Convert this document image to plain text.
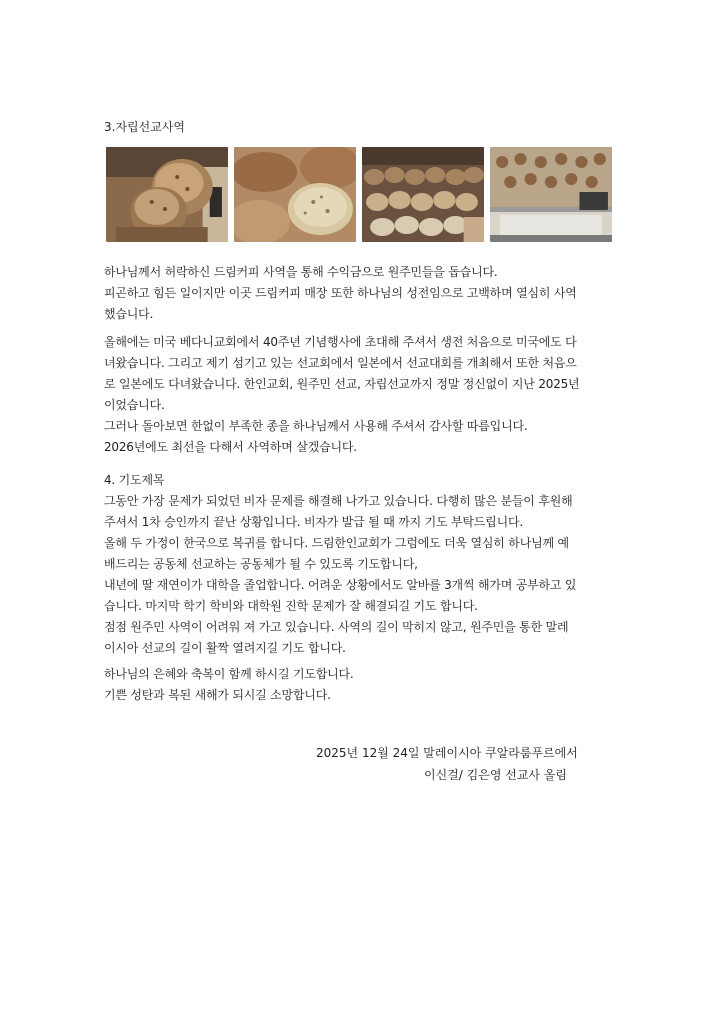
3.자립선교사역
하나님께서 허락하신 드림커피 사역을 통해 수익금으로 원주민들을 돕습니다.
피곤하고 힘든 일이지만 이곳 드림커피 매장 또한 하나님의 성전임으로 고백하며 열심히 사역
했습니다.
올해에는 미국 베다니교회에서 40주년 기념행사에 초대해 주셔서 생전 처음으로 미국에도 다
녀왔습니다. 그리고 제기 섬기고 있는 선교회에서 일본에서 선교대회를 개최해서 또한 처음으
로 일본에도 다녀왔습니다. 한인교회, 원주민 선교, 자립선교까지 정말 정신없이 지난 2025년
이었습니다.
그러나 돌아보면 한없이 부족한 종을 하나님께서 사용해 주셔서 감사할 따름입니다.
2026년에도 최선을 다해서 사역하며 살겠습니다.
4. 기도제목
그동안 가장 문제가 되었던 비자 문제를 해결해 나가고 있습니다. 다행히 많은 분들이 후원해
주셔서 1차 승인까지 끝난 상황입니다. 비자가 발급 될 때 까지 기도 부탁드립니다.
올해 두 가정이 한국으로 복귀를 합니다. 드림한인교회가 그럼에도 더욱 열심히 하나님께 예
배드리는 공동체 선교하는 공동체가 될 수 있도록 기도합니다,
내년에 딸 재연이가 대학을 졸업합니다. 어려운 상황에서도 알바를 3개씩 해가며 공부하고 있
습니다. 마지막 학기 학비와 대학원 진학 문제가 잘 해결되길 기도 합니다.
점점 원주민 사역이 어려워 져 가고 있습니다. 사역의 길이 막히지 않고, 원주민을 통한 말레
이시아 선교의 길이 활짝 열려지길 기도 합니다.
하나님의 은혜와 축복이 함께 하시길 기도합니다.
기쁜 성탄과 복된 새해가 되시길 소망합니다.
2025년 12월 24일 말레이시아 쿠알라룸푸르에서
이신걸/ 김은영 선교사 올림
